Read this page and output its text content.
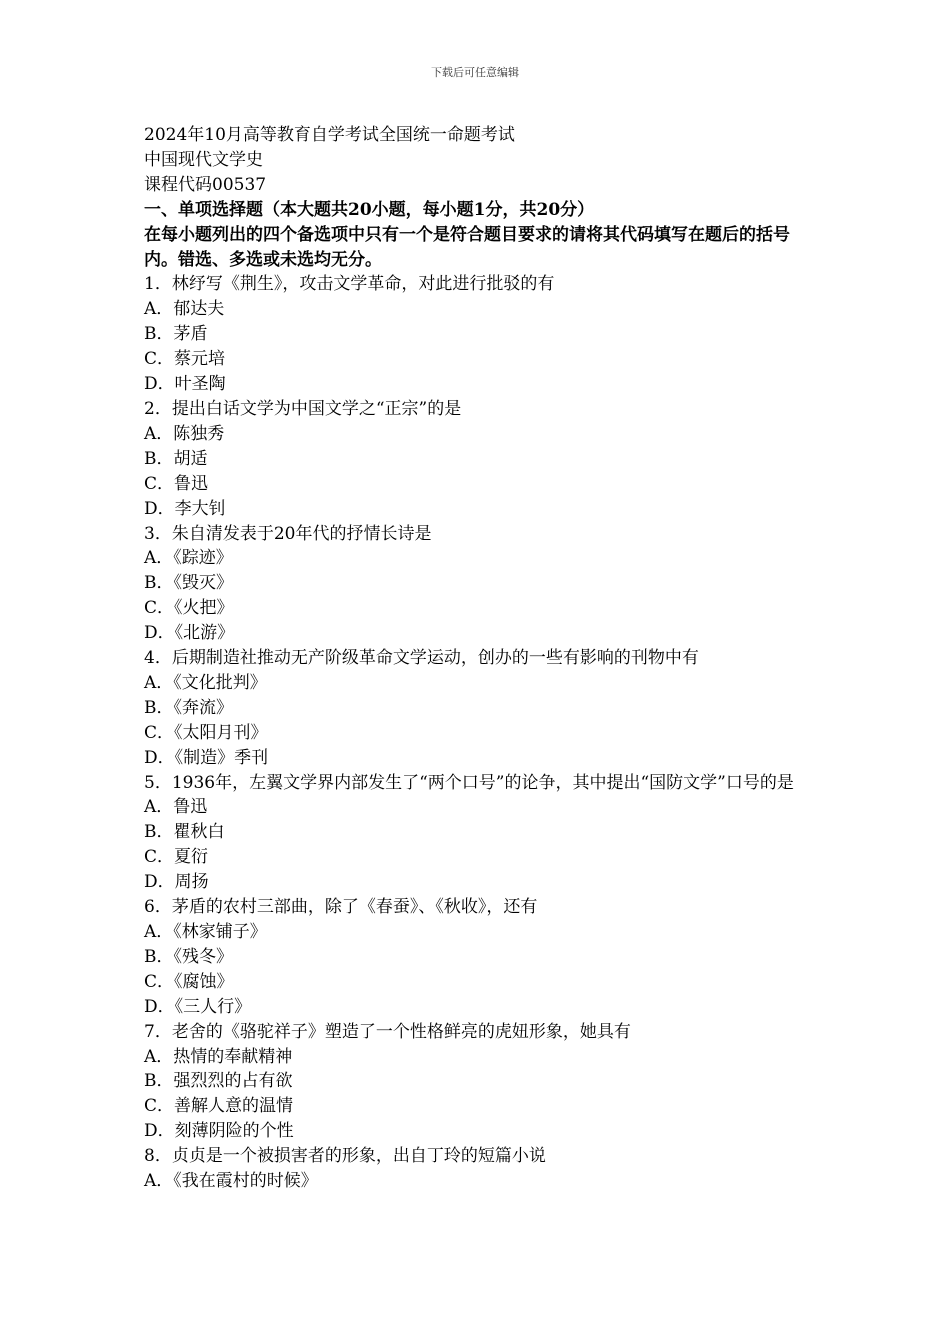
下载后可任意编辑

2024年10月高等教育自学考试全国统一命题考试

中国现代文学史

课程代码00537

一、单项选择题（本大题共20小题，每小题1分，共20分）

在每小题列出的四个备选项中只有一个是符合题目要求的请将其代码填写在题后的括号内。错选、多选或未选均无分。

1．林纾写《荆生》，攻击文学革命，对此进行批驳的有

A．郁达夫

B．茅盾

C．蔡元培

D．叶圣陶

2．提出白话文学为中国文学之“正宗”的是

A．陈独秀

B．胡适

C．鲁迅

D．李大钊

3．朱自清发表于20年代的抒情长诗是

A．《踪迹》

B．《毁灭》

C．《火把》

D．《北游》

4．后期制造社推动无产阶级革命文学运动，创办的一些有影响的刊物中有

A．《文化批判》

B．《奔流》

C．《太阳月刊》

D．《制造》季刊

5．1936年，左翼文学界内部发生了“两个口号”的论争，其中提出“国防文学”口号的是

A．鲁迅

B．瞿秋白

C．夏衍

D．周扬

6．茅盾的农村三部曲，除了《春蚕》、《秋收》，还有

A．《林家铺子》

B．《残冬》

C．《腐蚀》

D．《三人行》

7．老舍的《骆驼祥子》塑造了一个性格鲜亮的虎妞形象，她具有

A．热情的奉献精神

B．强烈烈的占有欲

C．善解人意的温情

D．刻薄阴险的个性

8．贞贞是一个被损害者的形象，出自丁玲的短篇小说

A．《我在霞村的时候》
